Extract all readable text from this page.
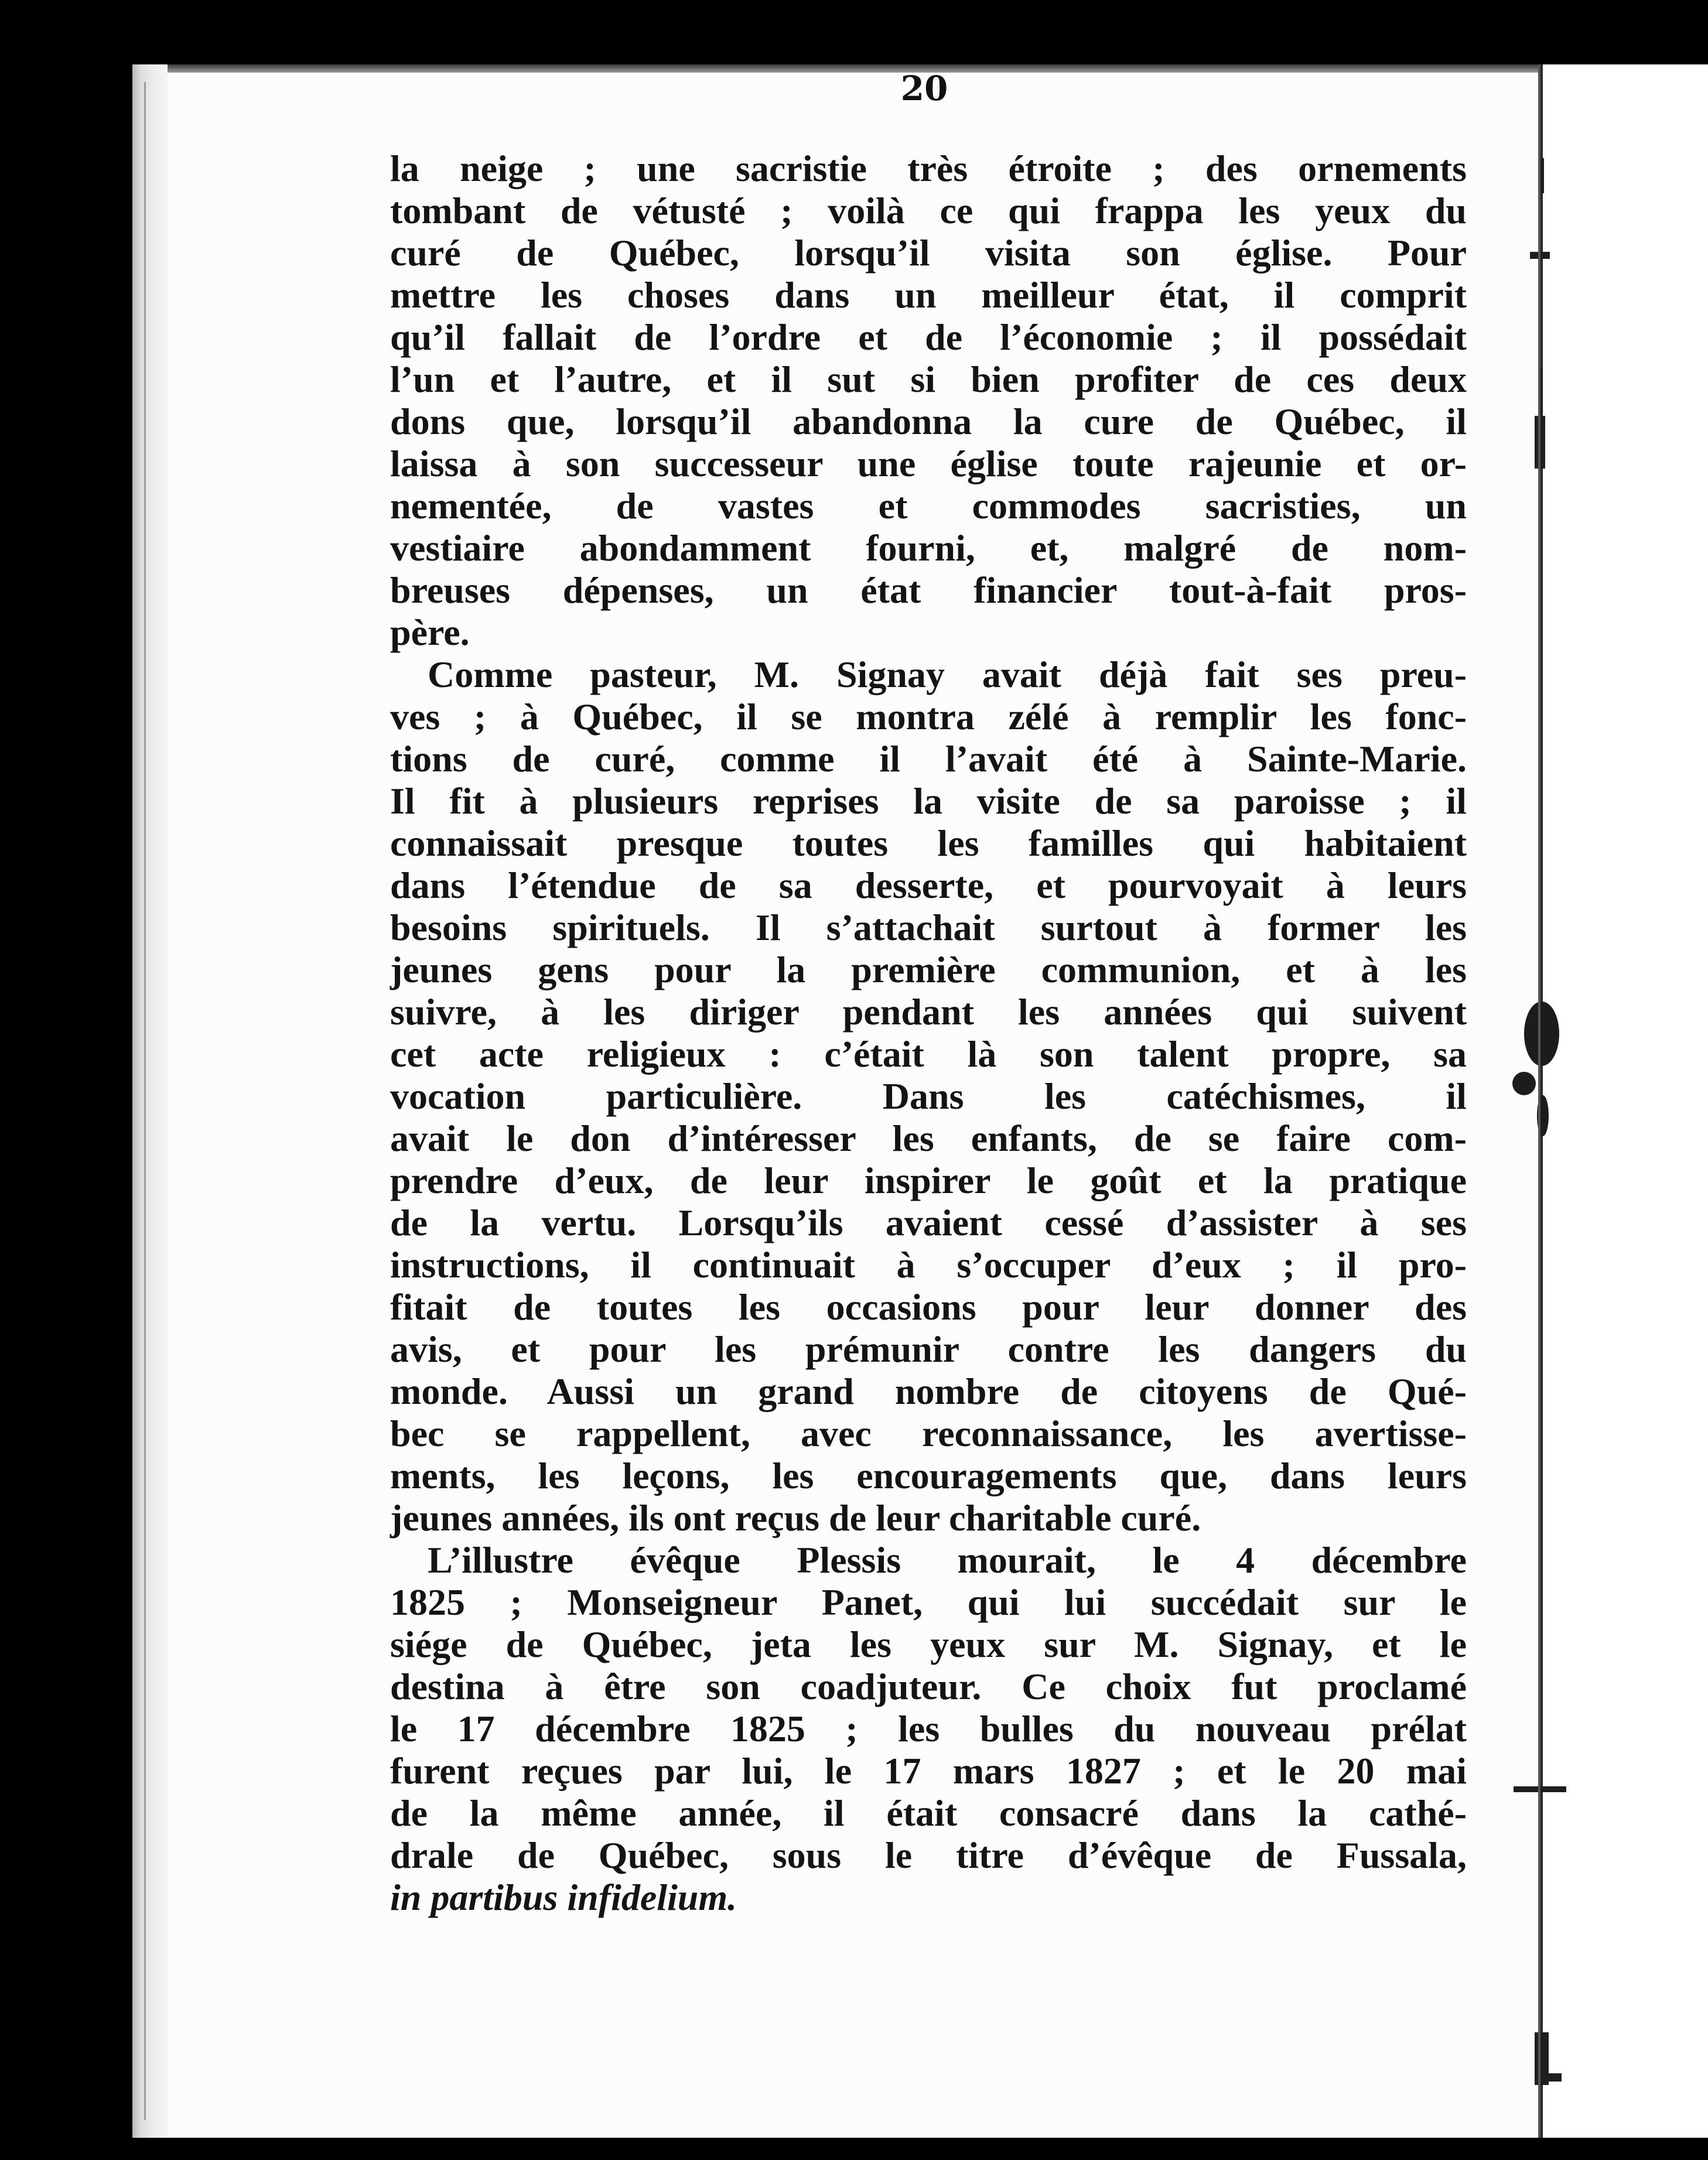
20
la neige ; une sacristie très étroite ; des ornements
tombant de vétusté ; voilà ce qui frappa les yeux du
curé de Québec, lorsqu’il visita son église. Pour
mettre les choses dans un meilleur état, il comprit
qu’il fallait de l’ordre et de l’économie ; il possédait
l’un et l’autre, et il sut si bien profiter de ces deux
dons que, lorsqu’il abandonna la cure de Québec, il
laissa à son successeur une église toute rajeunie et or-
nementée, de vastes et commodes sacristies, un
vestiaire abondamment fourni, et, malgré de nom-
breuses dépenses, un état financier tout-à-fait pros-
père.
Comme pasteur, M. Signay avait déjà fait ses preu-
ves ; à Québec, il se montra zélé à remplir les fonc-
tions de curé, comme il l’avait été à Sainte-Marie.
Il fit à plusieurs reprises la visite de sa paroisse ; il
connaissait presque toutes les familles qui habitaient
dans l’étendue de sa desserte, et pourvoyait à leurs
besoins spirituels. Il s’attachait surtout à former les
jeunes gens pour la première communion, et à les
suivre, à les diriger pendant les années qui suivent
cet acte religieux : c’était là son talent propre, sa
vocation particulière. Dans les catéchismes, il
avait le don d’intéresser les enfants, de se faire com-
prendre d’eux, de leur inspirer le goût et la pratique
de la vertu. Lorsqu’ils avaient cessé d’assister à ses
instructions, il continuait à s’occuper d’eux ; il pro-
fitait de toutes les occasions pour leur donner des
avis, et pour les prémunir contre les dangers du
monde. Aussi un grand nombre de citoyens de Qué-
bec se rappellent, avec reconnaissance, les avertisse-
ments, les leçons, les encouragements que, dans leurs
jeunes années, ils ont reçus de leur charitable curé.
L’illustre évêque Plessis mourait, le 4 décembre
1825 ; Monseigneur Panet, qui lui succédait sur le
siége de Québec, jeta les yeux sur M. Signay, et le
destina à être son coadjuteur. Ce choix fut proclamé
le 17 décembre 1825 ; les bulles du nouveau prélat
furent reçues par lui, le 17 mars 1827 ; et le 20 mai
de la même année, il était consacré dans la cathé-
drale de Québec, sous le titre d’évêque de Fussala,
in partibus infidelium.
